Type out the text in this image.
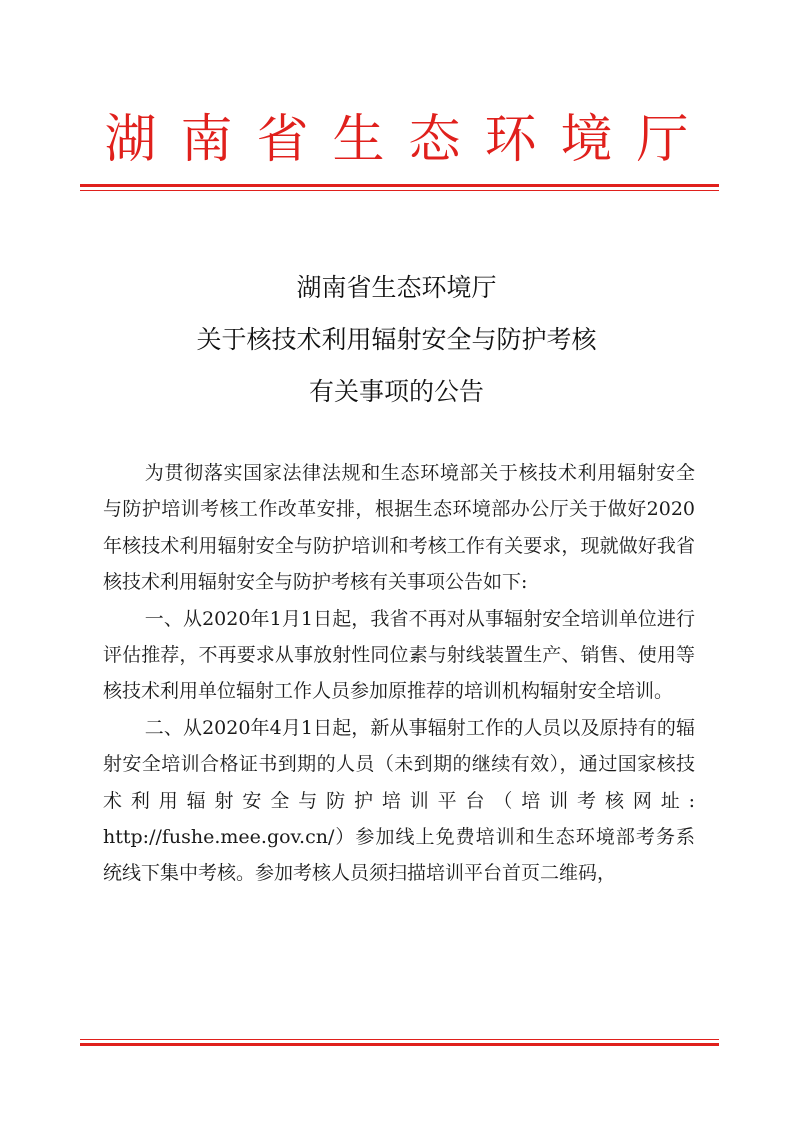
湖南省生态环境厅
湖南省生态环境厅
关于核技术利用辐射安全与防护考核
有关事项的公告

为贯彻落实国家法律法规和生态环境部关于核技术利用辐射安全与防护培训考核工作改革安排，根据生态环境部办公厅关于做好2020年核技术利用辐射安全与防护培训和考核工作有关要求，现就做好我省核技术利用辐射安全与防护考核有关事项公告如下:

一、从2020年1月1日起，我省不再对从事辐射安全培训单位进行评估推荐，不再要求从事放射性同位素与射线装置生产、销售、使用等核技术利用单位辐射工作人员参加原推荐的培训机构辐射安全培训。

二、从2020年4月1日起，新从事辐射工作的人员以及原持有的辐射安全培训合格证书到期的人员（未到期的继续有效），通过国家核技术利用辐射安全与防护培训平台（培训考核网址: http://fushe.mee.gov.cn/）参加线上免费培训和生态环境部考务系统线下集中考核。参加考核人员须扫描培训平台首页二维码，
